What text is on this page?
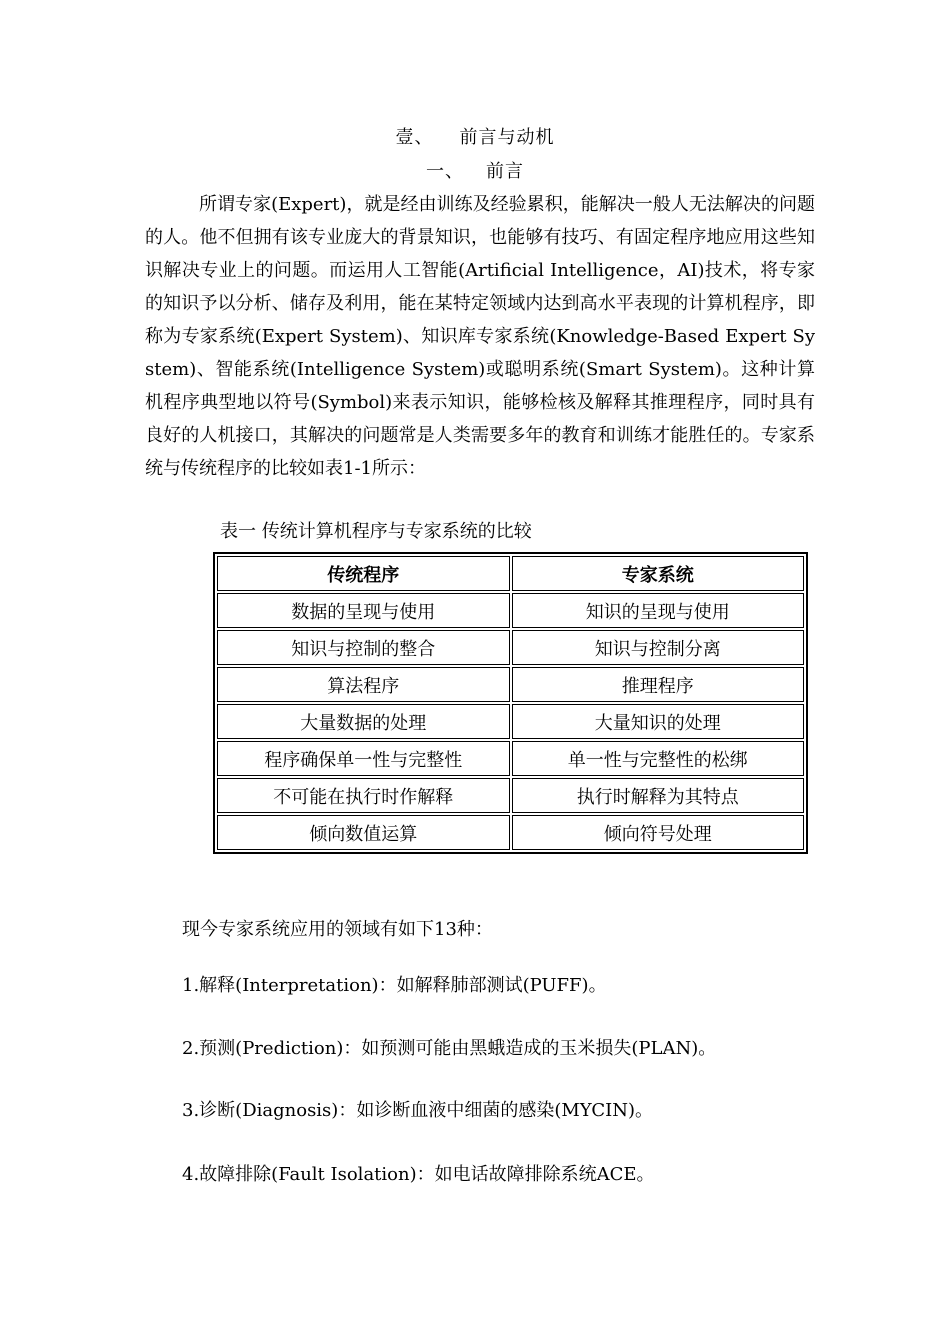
壹、 前言与动机
一、 前言

所谓专家(Expert)，就是经由训练及经验累积，能解决一般人无法解决的问题的人。他不但拥有该专业庞大的背景知识，也能够有技巧、有固定程序地应用这些知识解决专业上的问题。而运用人工智能(Artificial Intelligence，AI)技术，将专家的知识予以分析、储存及利用，能在某特定领域内达到高水平表现的计算机程序，即称为专家系统(Expert System)、知识库专家系统(Knowledge-Based Expert System)、智能系统(Intelligence System)或聪明系统(Smart System)。这种计算机程序典型地以符号(Symbol)来表示知识，能够检核及解释其推理程序，同时具有良好的人机接口，其解决的问题常是人类需要多年的教育和训练才能胜任的。专家系统与传统程序的比较如表1-1所示：

表一 传统计算机程序与专家系统的比较
传统程序	专家系统
数据的呈现与使用	知识的呈现与使用
知识与控制的整合	知识与控制分离
算法程序	推理程序
大量数据的处理	大量知识的处理
程序确保单一性与完整性	单一性与完整性的松绑
不可能在执行时作解释	执行时解释为其特点
倾向数值运算	倾向符号处理
现今专家系统应用的领域有如下13种：
1.解释(Interpretation)：如解释肺部测试(PUFF)。
2.预测(Prediction)：如预测可能由黑蛾造成的玉米损失(PLAN)。
3.诊断(Diagnosis)：如诊断血液中细菌的感染(MYCIN)。
4.故障排除(Fault Isolation)：如电话故障排除系统ACE。
